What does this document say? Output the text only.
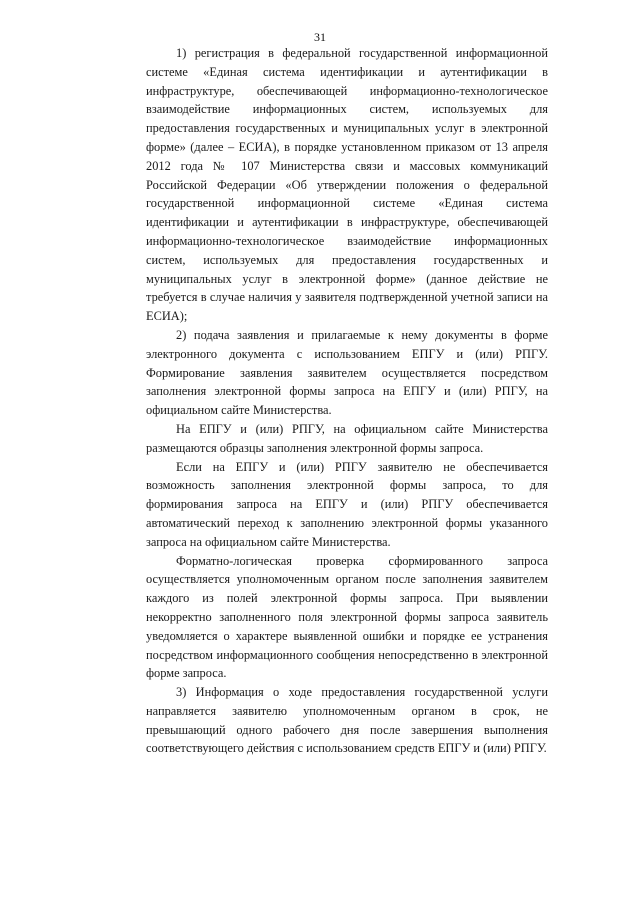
31

1) регистрация в федеральной государственной информационной системе «Единая система идентификации и аутентификации в инфраструктуре, обеспечивающей информационно-технологическое взаимодействие информационных систем, используемых для предоставления государственных и муниципальных услуг в электронной форме» (далее – ЕСИА), в порядке установленном приказом от 13 апреля 2012 года № 107 Министерства связи и массовых коммуникаций Российской Федерации «Об утверждении положения о федеральной государственной информационной системе «Единая система идентификации и аутентификации в инфраструктуре, обеспечивающей информационно-технологическое взаимодействие информационных систем, используемых для предоставления государственных и муниципальных услуг в электронной форме» (данное действие не требуется в случае наличия у заявителя подтвержденной учетной записи на ЕСИА);

2) подача заявления и прилагаемые к нему документы в форме электронного документа с использованием ЕПГУ и (или) РПГУ. Формирование заявления заявителем осуществляется посредством заполнения электронной формы запроса на ЕПГУ и (или) РПГУ, на официальном сайте Министерства.

На ЕПГУ и (или) РПГУ, на официальном сайте Министерства размещаются образцы заполнения электронной формы запроса.

Если на ЕПГУ и (или) РПГУ заявителю не обеспечивается возможность заполнения электронной формы запроса, то для формирования запроса на ЕПГУ и (или) РПГУ обеспечивается автоматический переход к заполнению электронной формы указанного запроса на официальном сайте Министерства.

Форматно-логическая проверка сформированного запроса осуществляется уполномоченным органом после заполнения заявителем каждого из полей электронной формы запроса. При выявлении некорректно заполненного поля электронной формы запроса заявитель уведомляется о характере выявленной ошибки и порядке ее устранения посредством информационного сообщения непосредственно в электронной форме запроса.

3) Информация о ходе предоставления государственной услуги направляется заявителю уполномоченным органом в срок, не превышающий одного рабочего дня после завершения выполнения соответствующего действия с использованием средств ЕПГУ и (или) РПГУ.
